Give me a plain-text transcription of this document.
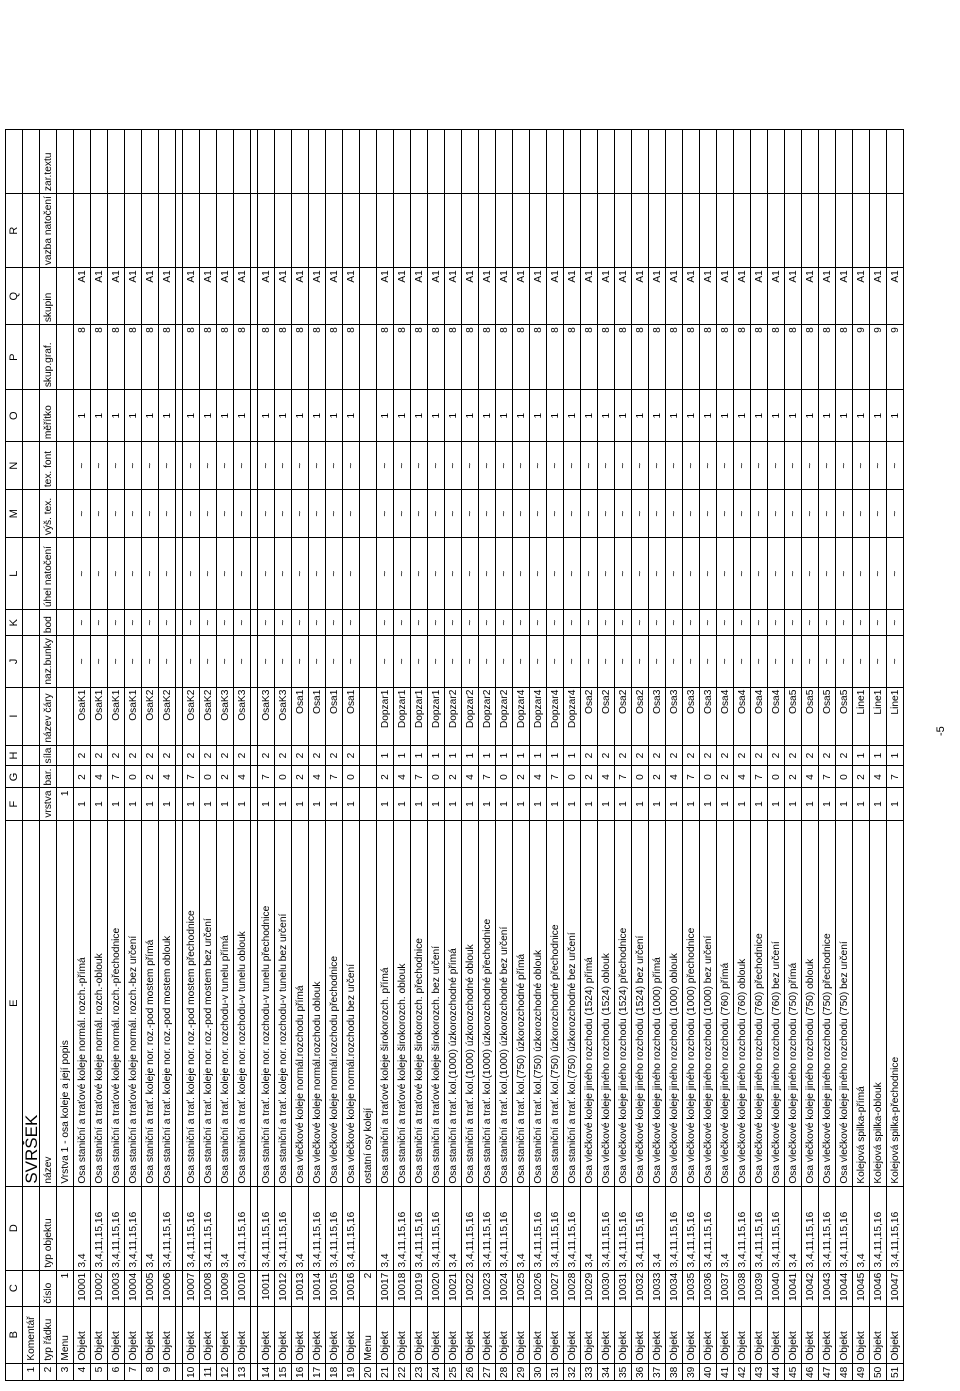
	B	C	D	E	F	G	H	I	J	K	L	M	N	O	P	Q	R	
1	Komentář			SVRŠEK														
2	typ řádku	číslo	typ objektu	název	vrstva	bar.	síla	název čáry	naz.bunky	bod	úhel natočení	výš. tex.	tex. font	měřítko	skup.graf.	skupin	vazba natočení	zar.textu
3	Menu	1		Vrstva 1 - osa koleje a její popis	1													
4	Objekt	10001	3,4	Osa staniční a traťové koleje normál. rozch.-přímá	1	2	2	OsaK1	~	~	~	~	~	1	8	A1		
5	Objekt	10002	3,4,11,15,16	Osa staniční a traťové koleje normál. rozch.-oblouk	1	4	2	OsaK1	~	~	~	~	~	1	8	A1		
6	Objekt	10003	3,4,11,15,16	Osa staniční a traťové koleje normál. rozch.-přechodnice	1	7	2	OsaK1	~	~	~	~	~	1	8	A1		
7	Objekt	10004	3,4,11,15,16	Osa staniční a traťové koleje normál. rozch.-bez určení	1	0	2	OsaK1	~	~	~	~	~	1	8	A1		
8	Objekt	10005	3,4	Osa staniční a trať. koleje nor. roz.-pod mostem přímá	1	2	2	OsaK2	~	~	~	~	~	1	8	A1		
9	Objekt	10006	3,4,11,15,16	Osa staniční a trať. koleje nor. roz.-pod mostem oblouk	1	4	2	OsaK2	~	~	~	~	~	1	8	A1		

10	Objekt	10007	3,4,11,15,16	Osa staniční a trať. koleje nor. roz.-pod mostem přechodnice	1	7	2	OsaK2	~	~	~	~	~	1	8	A1		
11	Objekt	10008	3,4,11,15,16	Osa staniční a trať. koleje nor. roz.-pod mostem bez určení	1	0	2	OsaK2	~	~	~	~	~	1	8	A1		
12	Objekt	10009	3,4	Osa staniční a trať. koleje nor. rozchodu-v tunelu přímá	1	2	2	OsaK3	~	~	~	~	~	1	8	A1		
13	Objekt	10010	3,4,11,15,16	Osa staniční a trať. koleje nor. rozchodu-v tunelu oblouk	1	4	2	OsaK3	~	~	~	~	~	1	8	A1		

14	Objekt	10011	3,4,11,15,16	Osa staniční a trať. koleje nor. rozchodu-v tunelu přechodnice	1	7	2	OsaK3	~	~	~	~	~	1	8	A1		
15	Objekt	10012	3,4,11,15,16	Osa staniční a trať. koleje nor. rozchodu-v tunelu bez určení	1	0	2	OsaK3	~	~	~	~	~	1	8	A1		
16	Objekt	10013	3,4	Osa vlečkové koleje normál.rozchodu přímá	1	2	2	Osa1	~	~	~	~	~	1	8	A1		
17	Objekt	10014	3,4,11,15,16	Osa vlečkové koleje normál.rozchodu oblouk	1	4	2	Osa1	~	~	~	~	~	1	8	A1		
18	Objekt	10015	3,4,11,15,16	Osa vlečkové koleje normál.rozchodu přechodnice	1	7	2	Osa1	~	~	~	~	~	1	8	A1		
19	Objekt	10016	3,4,11,15,16	Osa vlečkové koleje normál.rozchodu bez určení	1	0	2	Osa1	~	~	~	~	~	1	8	A1		
20	Menu	2		ostatní osy kolejí														
21	Objekt	10017	3,4	Osa staniční a traťové koleje širokorozch. přímá	1	2	1	Dopzar1	~	~	~	~	~	1	8	A1		
22	Objekt	10018	3,4,11,15,16	Osa staniční a traťové koleje širokorozch. oblouk	1	4	1	Dopzar1	~	~	~	~	~	1	8	A1		
23	Objekt	10019	3,4,11,15,16	Osa staniční a traťové koleje širokorozch. přechodnice	1	7	1	Dopzar1	~	~	~	~	~	1	8	A1		
24	Objekt	10020	3,4,11,15,16	Osa staniční a traťové koleje širokorozch. bez určení	1	0	1	Dopzar1	~	~	~	~	~	1	8	A1		
25	Objekt	10021	3,4	Osa staniční a trať. kol.(1000) úzkorozchodné přímá	1	2	1	Dopzar2	~	~	~	~	~	1	8	A1		
26	Objekt	10022	3,4,11,15,16	Osa staniční a trať. kol.(1000) úzkorozchodné oblouk	1	4	1	Dopzar2	~	~	~	~	~	1	8	A1		
27	Objekt	10023	3,4,11,15,16	Osa staniční a trať. kol.(1000) úzkorozchodné přechodnice	1	7	1	Dopzar2	~	~	~	~	~	1	8	A1		
28	Objekt	10024	3,4,11,15,16	Osa staniční a trať. kol.(1000) úzkorozchodné bez určení	1	0	1	Dopzar2	~	~	~	~	~	1	8	A1		
29	Objekt	10025	3,4	Osa staniční a trať. kol.(750) úzkorozchodné přímá	1	2	1	Dopzar4	~	~	~	~	~	1	8	A1		
30	Objekt	10026	3,4,11,15,16	Osa staniční a trať. kol.(750) úzkorozchodné oblouk	1	4	1	Dopzar4	~	~	~	~	~	1	8	A1		
31	Objekt	10027	3,4,11,15,16	Osa staniční a trať. kol.(750) úzkorozchodné přechodnice	1	7	1	Dopzar4	~	~	~	~	~	1	8	A1		
32	Objekt	10028	3,4,11,15,16	Osa staniční a trať. kol.(750) úzkorozchodné bez určení	1	0	1	Dopzar4	~	~	~	~	~	1	8	A1		
33	Objekt	10029	3,4	Osa vlečkové koleje jiného rozchodu (1524) přímá	1	2	2	Osa2	~	~	~	~	~	1	8	A1		
34	Objekt	10030	3,4,11,15,16	Osa vlečkové koleje jiného rozchodu (1524) oblouk	1	4	2	Osa2	~	~	~	~	~	1	8	A1		
35	Objekt	10031	3,4,11,15,16	Osa vlečkové koleje jiného rozchodu (1524) přechodnice	1	7	2	Osa2	~	~	~	~	~	1	8	A1		
36	Objekt	10032	3,4,11,15,16	Osa vlečkové koleje jiného rozchodu (1524) bez určení	1	0	2	Osa2	~	~	~	~	~	1	8	A1		
37	Objekt	10033	3,4	Osa vlečkové koleje jiného rozchodu (1000) přímá	1	2	2	Osa3	~	~	~	~	~	1	8	A1		
38	Objekt	10034	3,4,11,15,16	Osa vlečkové koleje jiného rozchodu (1000) oblouk	1	4	2	Osa3	~	~	~	~	~	1	8	A1		
39	Objekt	10035	3,4,11,15,16	Osa vlečkové koleje jiného rozchodu (1000) přechodnice	1	7	2	Osa3	~	~	~	~	~	1	8	A1		
40	Objekt	10036	3,4,11,15,16	Osa vlečkové koleje jiného rozchodu (1000) bez určení	1	0	2	Osa3	~	~	~	~	~	1	8	A1		
41	Objekt	10037	3,4	Osa vlečkové koleje jiného rozchodu (760) přímá	1	2	2	Osa4	~	~	~	~	~	1	8	A1		
42	Objekt	10038	3,4,11,15,16	Osa vlečkové koleje jiného rozchodu (760) oblouk	1	4	2	Osa4	~	~	~	~	~	1	8	A1		
43	Objekt	10039	3,4,11,15,16	Osa vlečkové koleje jiného rozchodu (760) přechodnice	1	7	2	Osa4	~	~	~	~	~	1	8	A1		
44	Objekt	10040	3,4,11,15,16	Osa vlečkové koleje jiného rozchodu (760) bez určení	1	0	2	Osa4	~	~	~	~	~	1	8	A1		
45	Objekt	10041	3,4	Osa vlečkové koleje jiného rozchodu (750) přímá	1	2	2	Osa5	~	~	~	~	~	1	8	A1		
46	Objekt	10042	3,4,11,15,16	Osa vlečkové koleje jiného rozchodu (750) oblouk	1	4	2	Osa5	~	~	~	~	~	1	8	A1		
47	Objekt	10043	3,4,11,15,16	Osa vlečkové koleje jiného rozchodu (750) přechodnice	1	7	2	Osa5	~	~	~	~	~	1	8	A1		
48	Objekt	10044	3,4,11,15,16	Osa vlečkové koleje jiného rozchodu (750) bez určení	1	0	2	Osa5	~	~	~	~	~	1	8	A1		
49	Objekt	10045	3,4	Kolejová spilka-přímá	1	2	1	Line1	~	~	~	~	~	1	9	A1		
50	Objekt	10046	3,4,11,15,16	Kolejová spilka-oblouk	1	4	1	Line1	~	~	~	~	~	1	9	A1		
51	Objekt	10047	3,4,11,15,16	Kolejová spilka-přechodnice	1	7	1	Line1	~	~	~	~	~	1	9	A1		
-5
